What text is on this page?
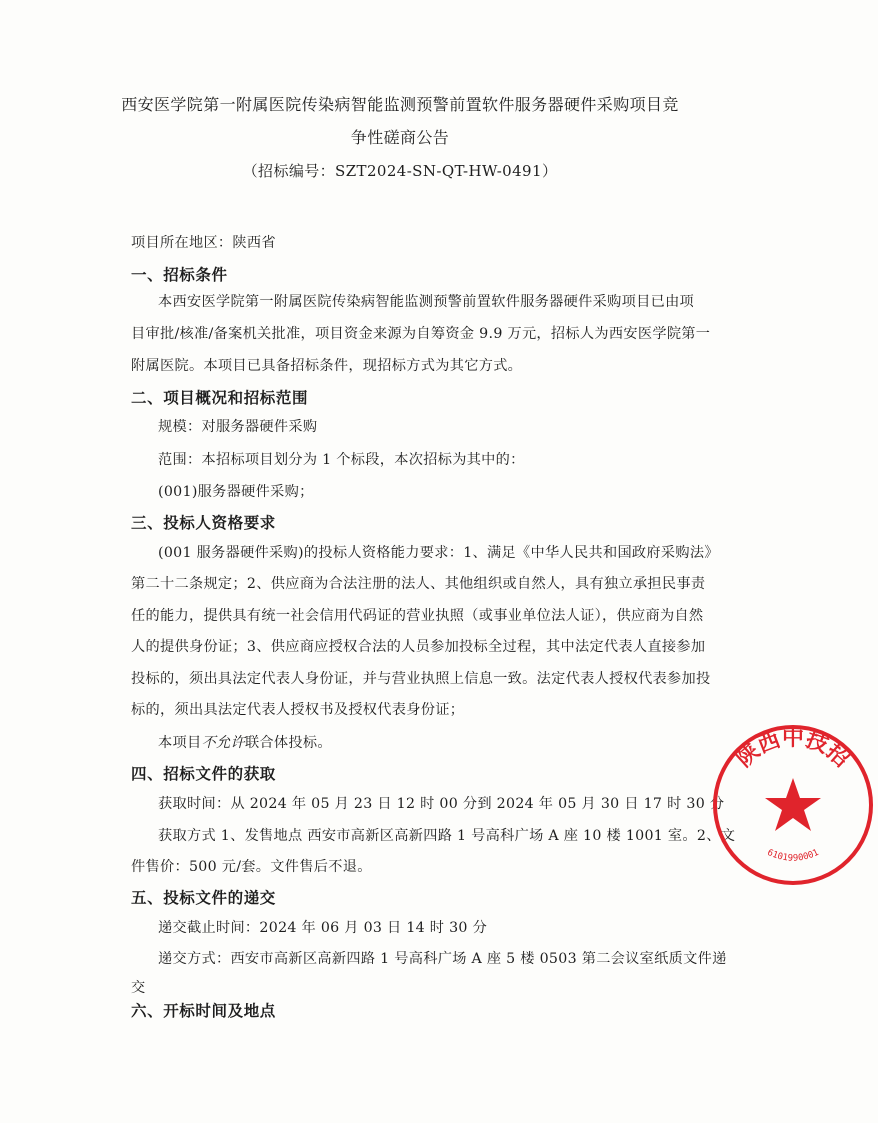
西安医学院第一附属医院传染病智能监测预警前置软件服务器硬件采购项目竞
争性磋商公告
（招标编号：SZT2024-SN-QT-HW-0491）
项目所在地区：陕西省
一、招标条件
本西安医学院第一附属医院传染病智能监测预警前置软件服务器硬件采购项目已由项
目审批/核准/备案机关批准，项目资金来源为自筹资金 9.9 万元，招标人为西安医学院第一
附属医院。本项目已具备招标条件，现招标方式为其它方式。
二、项目概况和招标范围
规模：对服务器硬件采购
范围：本招标项目划分为 1 个标段，本次招标为其中的：
(001)服务器硬件采购；
三、投标人资格要求
(001 服务器硬件采购)的投标人资格能力要求：1、满足《中华人民共和国政府采购法》
第二十二条规定；2、供应商为合法注册的法人、其他组织或自然人，具有独立承担民事责
任的能力，提供具有统一社会信用代码证的营业执照（或事业单位法人证），供应商为自然
人的提供身份证；3、供应商应授权合法的人员参加投标全过程，其中法定代表人直接参加
投标的，须出具法定代表人身份证，并与营业执照上信息一致。法定代表人授权代表参加投
标的，须出具法定代表人授权书及授权代表身份证；
本项目不允许联合体投标。
四、招标文件的获取
获取时间：从 2024 年 05 月 23 日 12 时 00 分到 2024 年 05 月 30 日 17 时 30 分
获取方式 1、发售地点 西安市高新区高新四路 1 号高科广场 A 座 10 楼 1001 室。2、文
件售价：500 元/套。文件售后不退。
五、投标文件的递交
递交截止时间：2024 年 06 月 03 日 14 时 30 分
递交方式：西安市高新区高新四路 1 号高科广场 A 座 5 楼 0503 第二会议室纸质文件递
交
六、开标时间及地点
陕西中技招
6101990001
